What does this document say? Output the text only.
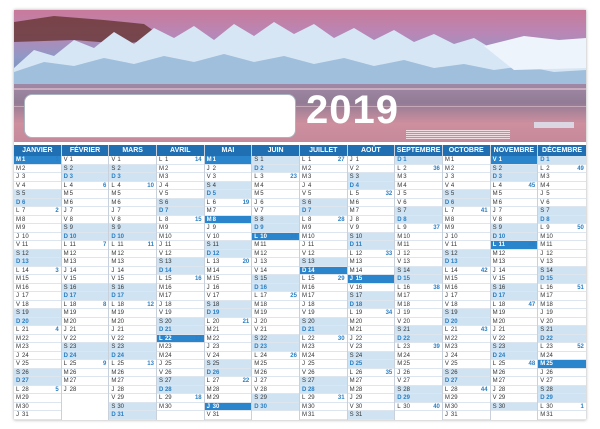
2019
JANVIER
M 1	1
M 2
J 3
V 4
S 5
D 6
L 7	2
M 8
M 9
J 10
V 11
S 12
D 13
L 14	3
M 15
M 16
J 17
V 18
S 19
D 20
L 21	4
M 22
M 23
J 24
V 25
S 26
D 27
L 28	5
M 29
M 30
J 31
FÉVRIER
V 1
S 2
D 3
L 4	6
M 5
M 6
J 7
V 8
S 9
D 10
L 11	7
M 12
M 13
J 14
V 15
S 16
D 17
L 18	8
M 19
M 20
J 21
V 22
S 23
D 24
L 25	9
M 26
M 27
J 28
MARS
V 1
S 2
D 3
L 4	10
M 5
M 6
J 7
V 8
S 9
D 10
L 11	11
M 12
M 13
J 14
V 15
S 16
D 17
L 18	12
M 19
M 20
J 21
V 22
S 23
D 24
L 25	13
M 26
M 27
J 28
V 29
S 30
D 31
AVRIL
L 1	14
M 2
M 3
J 4
V 5
S 6
D 7
L 8	15
M 9
M 10
J 11
V 12
S 13
D 14
L 15	16
M 16
M 17
J 18
V 19
S 20
D 21
L 22	17
M 23
M 24
J 25
V 26
S 27
D 28
L 29	18
M 30
MAI
M 1
J 2
V 3
S 4
D 5
L 6	19
M 7
M 8
J 9
V 10
S 11
D 12
L 13	20
M 14
M 15
J 16
V 17
S 18
D 19
L 20	21
M 21
M 22
J 23
V 24
S 25
D 26
L 27	22
M 28
M 29
J 30
V 31
JUIN
S 1
D 2
L 3	23
M 4
M 5
J 6
V 7
S 8
D 9
L 10	24
M 11
M 12
J 13
V 14
S 15
D 16
L 17	25
M 18
M 19
J 20
V 21
S 22
D 23
L 24	26
M 25
M 26
J 27
V 28
S 29
D 30
JUILLET
L 1	27
M 2
M 3
J 4
V 5
S 6
D 7
L 8	28
M 9
M 10
J 11
V 12
S 13
D 14
L 15	29
M 16
M 17
J 18
V 19
S 20
D 21
L 22	30
M 23
M 24
J 25
V 26
S 27
D 28
L 29	31
M 30
M 31
AOÛT
J 1
V 2
S 3
D 4
L 5	32
M 6
M 7
J 8
V 9
S 10
D 11
L 12	33
M 13
M 14
J 15
V 16
S 17
D 18
L 19	34
M 20
M 21
J 22
V 23
S 24
D 25
L 26	35
M 27
M 28
J 29
V 30
S 31
SEPTEMBRE
D 1
L 2	36
M 3
M 4
J 5
V 6
S 7
D 8
L 9	37
M 10
M 11
J 12
V 13
S 14
D 15
L 16	38
M 17
M 18
J 19
V 20
S 21
D 22
L 23	39
M 24
M 25
J 26
V 27
S 28
D 29
L 30	40
OCTOBRE
M 1
M 2
J 3
V 4
S 5
D 6
L 7	41
M 8
M 9
J 10
V 11
S 12
D 13
L 14	42
M 15
M 16
J 17
V 18
S 19
D 20
L 21	43
M 22
M 23
J 24
V 25
S 26
D 27
L 28	44
M 29
M 30
J 31
NOVEMBRE
V 1
S 2
D 3
L 4	45
M 5
M 6
J 7
V 8
S 9
D 10
L 11	46
M 12
M 13
J 14
V 15
S 16
D 17
L 18	47
M 19
M 20
J 21
V 22
S 23
D 24
L 25	48
M 26
M 27
J 28
V 29
S 30
DÉCEMBRE
D 1
L 2	49
M 3
M 4
J 5
V 6
S 7
D 8
L 9	50
M 10
M 11
J 12
V 13
S 14
D 15
L 16	51
M 17
M 18
J 19
V 20
S 21
D 22
L 23	52
M 24
M 25
J 26
V 27
S 28
D 29
L 30	1
M 31
